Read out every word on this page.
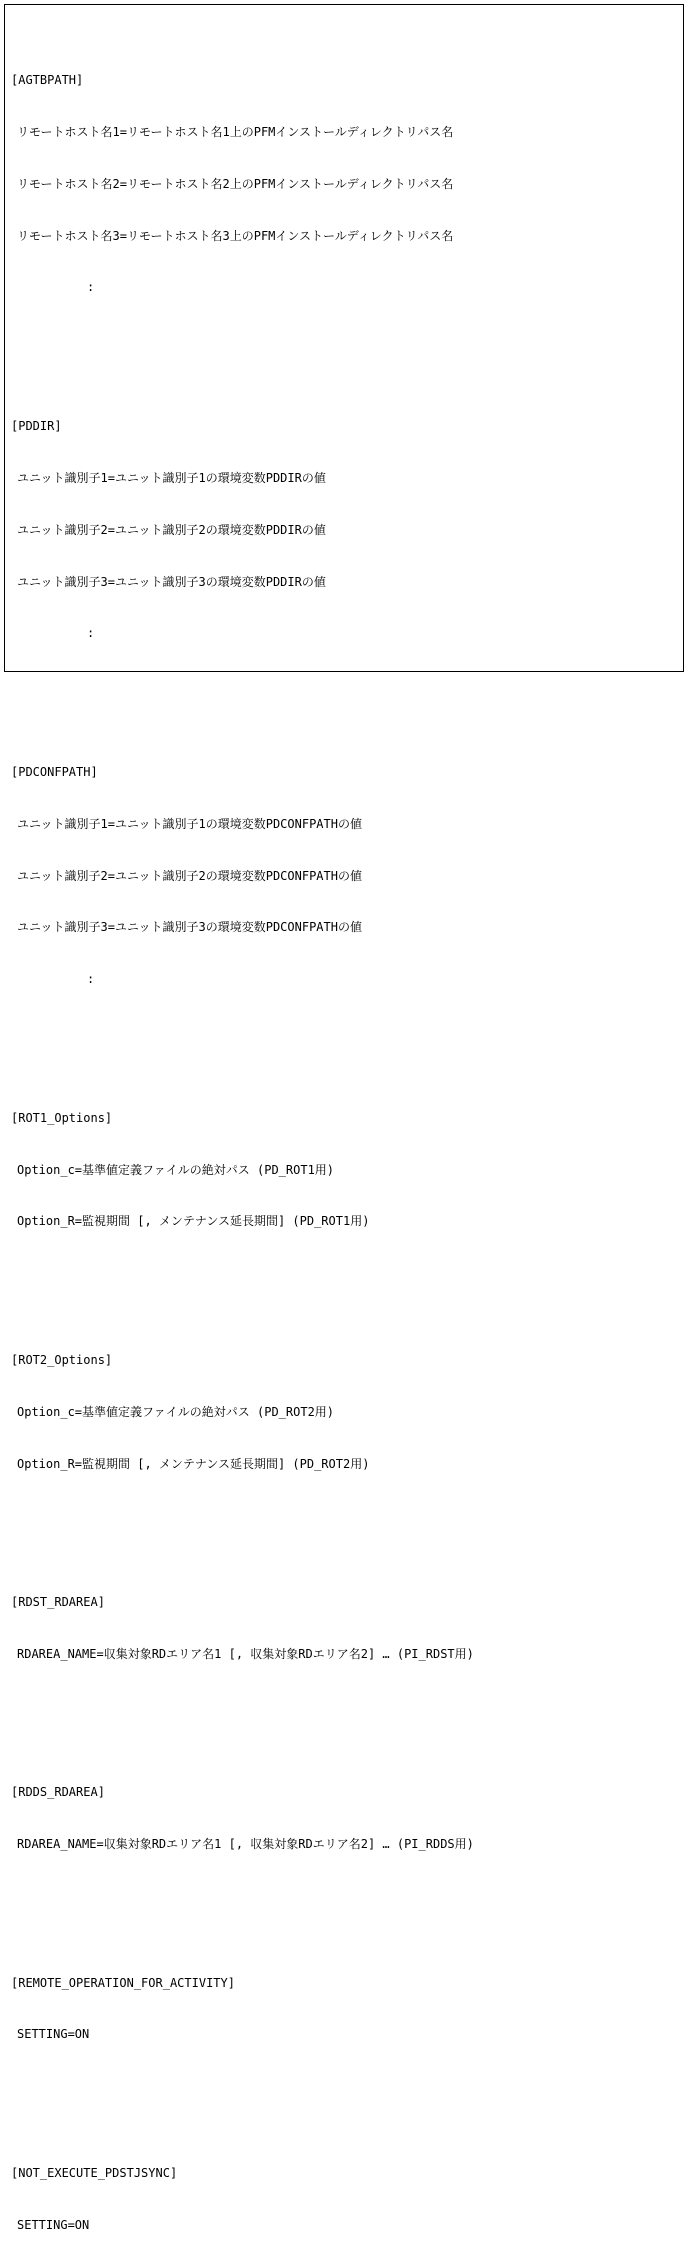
[AGTBPATH]

リモートホスト名1=リモートホスト名1上のPFMインストールディレクトリパス名

リモートホスト名2=リモートホスト名2上のPFMインストールディレクトリパス名

リモートホスト名3=リモートホスト名3上のPFMインストールディレクトリパス名

:

[PDDIR]

ユニット識別子1=ユニット識別子1の環境変数PDDIRの値

ユニット識別子2=ユニット識別子2の環境変数PDDIRの値

ユニット識別子3=ユニット識別子3の環境変数PDDIRの値

:

[PDCONFPATH]

ユニット識別子1=ユニット識別子1の環境変数PDCONFPATHの値

ユニット識別子2=ユニット識別子2の環境変数PDCONFPATHの値

ユニット識別子3=ユニット識別子3の環境変数PDCONFPATHの値

:

[ROT1_Options]

Option_c=基準値定義ファイルの絶対パス (PD_ROT1用)

Option_R=監視期間 [, メンテナンス延長期間] (PD_ROT1用)

[ROT2_Options]

Option_c=基準値定義ファイルの絶対パス (PD_ROT2用)

Option_R=監視期間 [, メンテナンス延長期間] (PD_ROT2用)

[RDST_RDAREA]

RDAREA_NAME=収集対象RDエリア名1 [, 収集対象RDエリア名2] … (PI_RDST用)

[RDDS_RDAREA]

RDAREA_NAME=収集対象RDエリア名1 [, 収集対象RDエリア名2] … (PI_RDDS用)

[REMOTE_OPERATION_FOR_ACTIVITY]

SETTING=ON

[NOT_EXECUTE_PDSTJSYNC]

SETTING=ON
